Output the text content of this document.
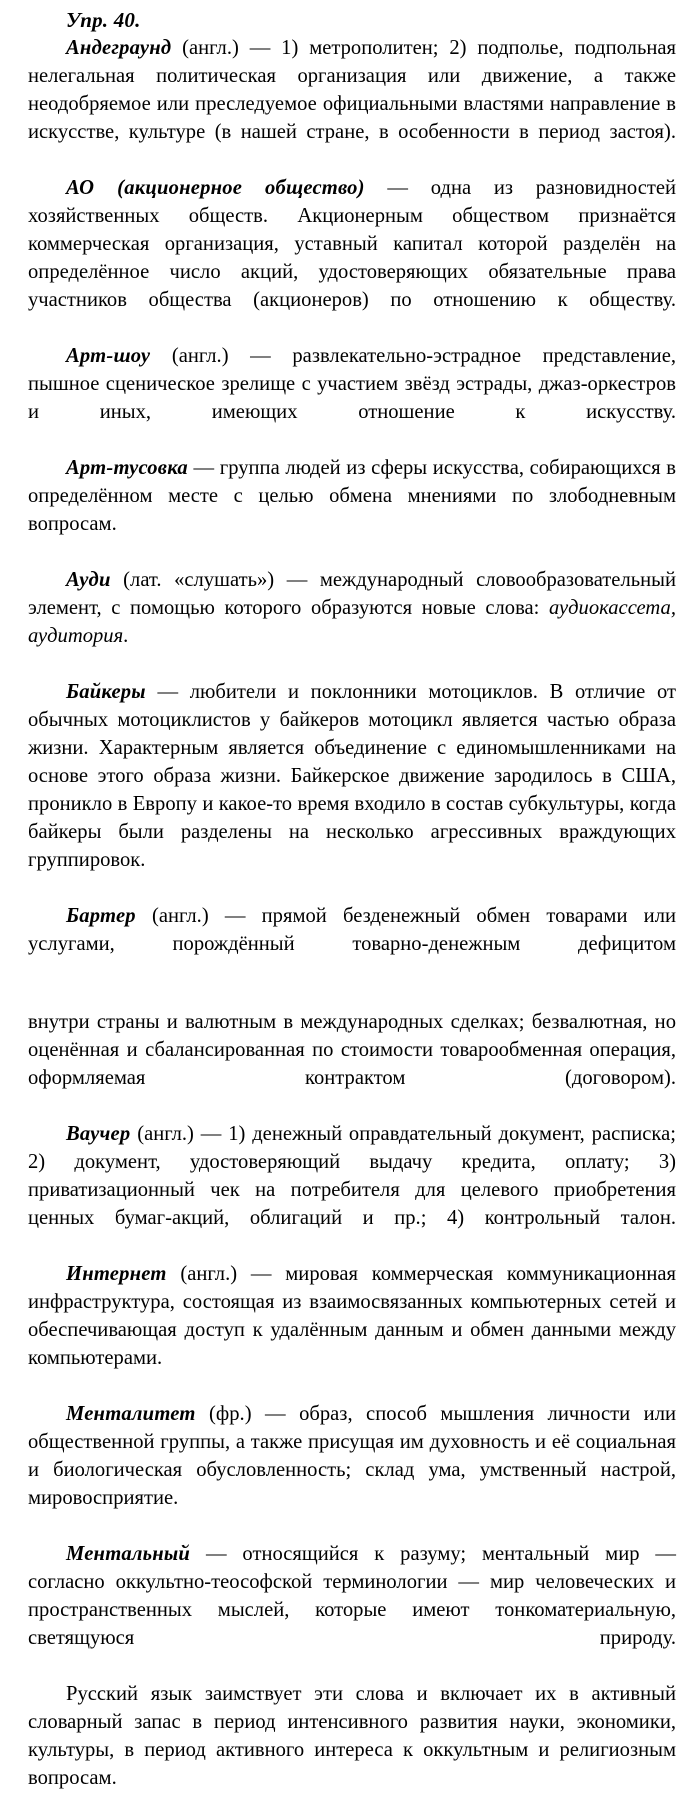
Упр. 40.

Андеграунд (англ.) — 1) метрополитен; 2) подполье, подпольная нелегальная политическая организация или движение, а также неодобряемое или преследуемое официальными властями направление в искусстве, культуре (в нашей стране, в особенности в период застоя).

АО (акционерное общество) — одна из разновидностей хозяйственных обществ. Акционерным обществом признаётся коммерческая организация, уставный капитал которой разделён на определённое число акций, удостоверяющих обязательные права участников общества (акционеров) по отношению к обществу.

Арт-шоу (англ.) — развлекательно-эстрадное представление, пышное сценическое зрелище с участием звёзд эстрады, джаз-оркестров и иных, имеющих отношение к искусству.

Арт-тусовка — группа людей из сферы искусства, собирающихся в определённом месте с целью обмена мнениями по злободневным вопросам.

Ауди (лат. «слушать») — международный словообразовательный элемент, с помощью которого образуются новые слова: аудиокассета, аудитория.

Байкеры — любители и поклонники мотоциклов. В отличие от обычных мотоциклистов у байкеров мотоцикл является частью образа жизни. Характерным является объединение с единомышленниками на основе этого образа жизни. Байкерское движение зародилось в США, проникло в Европу и какое-то время входило в состав субкультуры, когда байкеры были разделены на несколько агрессивных враждующих группировок.

Бартер (англ.) — прямой безденежный обмен товарами или услугами, порождённый товарно-денежным дефицитом

внутри страны и валютным в международных сделках; безвалютная, но оценённая и сбалансированная по стоимости товарообменная операция, оформляемая контрактом (договором).

Ваучер (англ.) — 1) денежный оправдательный документ, расписка; 2) документ, удостоверяющий выдачу кредита, оплату; 3) приватизационный чек на потребителя для целевого приобретения ценных бумаг-акций, облигаций и пр.; 4) контрольный талон.

Интернет (англ.) — мировая коммерческая коммуникационная инфраструктура, состоящая из взаимосвязанных компьютерных сетей и обеспечивающая доступ к удалённым данным и обмен данными между компьютерами.

Менталитет (фр.) — образ, способ мышления личности или общественной группы, а также присущая им духовность и её социальная и биологическая обусловленность; склад ума, умственный настрой, мировосприятие.

Ментальный — относящийся к разуму; ментальный мир — согласно оккультно-теософской терминологии — мир человеческих и пространственных мыслей, которые имеют тонкоматериальную, светящуюся природу.

Русский язык заимствует эти слова и включает их в активный словарный запас в период интенсивного развития науки, экономики, культуры, в период активного интереса к оккультным и религиозным вопросам.
